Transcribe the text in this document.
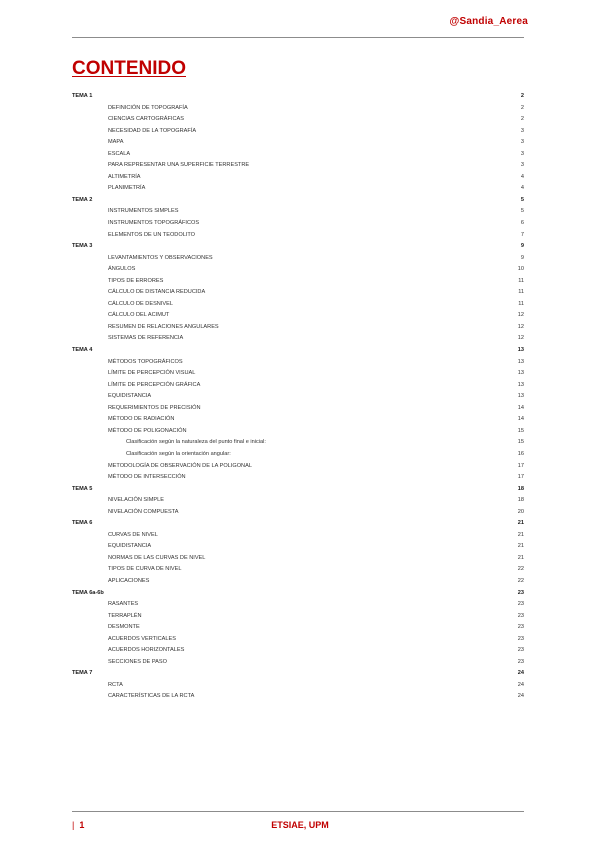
@Sandia_Aerea
CONTENIDO
TEMA 1	2
DEFINICIÓN DE TOPOGRAFÍA	2
CIENCIAS CARTOGRÁFICAS	2
NECESIDAD DE LA TOPOGRAFÍA	3
MAPA	3
ESCALA	3
PARA REPRESENTAR UNA SUPERFICIE TERRESTRE	3
ALTIMETRÍA	4
PLANIMETRÍA	4
TEMA 2	5
INSTRUMENTOS SIMPLES	5
INSTRUMENTOS TOPOGRÁFICOS	6
ELEMENTOS DE UN TEODOLITO	7
TEMA 3	9
LEVANTAMIENTOS Y OBSERVACIONES	9
ÁNGULOS	10
TIPOS DE ERRORES	11
CÁLCULO DE DISTANCIA REDUCIDA	11
CÁLCULO DE DESNIVEL	11
CÁLCULO DEL ACIMUT	12
RESUMEN DE RELACIONES ANGULARES	12
SISTEMAS DE REFERENCIA	12
TEMA 4	13
MÉTODOS TOPOGRÁFICOS	13
LÍMITE DE PERCEPCIÓN VISUAL	13
LÍMITE DE PERCEPCIÓN GRÁFICA	13
EQUIDISTANCIA	13
REQUERIMIENTOS DE PRECISIÓN	14
MÉTODO DE RADIACIÓN	14
MÉTODO DE POLIGONACIÓN	15
Clasificación según la naturaleza del punto final e inicial:	15
Clasificación según la orientación angular:	16
METODOLOGÍA DE OBSERVACIÓN DE LA POLIGONAL	17
MÉTODO DE INTERSECCIÓN	17
TEMA 5	18
NIVELACIÓN SIMPLE	18
NIVELACIÓN COMPUESTA	20
TEMA 6	21
CURVAS DE NIVEL	21
EQUIDISTANCIA	21
NORMAS DE LAS CURVAS DE NIVEL	21
TIPOS DE CURVA DE NIVEL	22
APLICACIONES	22
TEMA 6a-6b	23
RASANTES	23
TERRAPLÉN	23
DESMONTE	23
ACUERDOS VERTICALES	23
ACUERDOS HORIZONTALES	23
SECCIONES DE PASO	23
TEMA 7	24
RCTA	24
CARACTERÍSTICAS DE LA RCTA	24
| 1	ETSIAE, UPM
